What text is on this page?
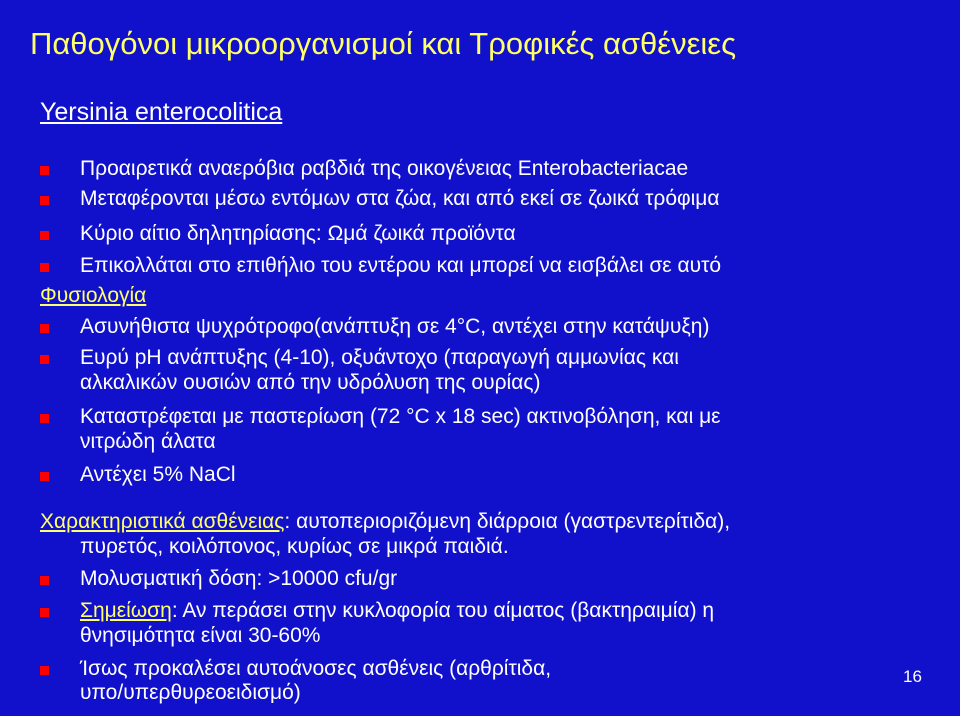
Παθογόνοι μικροοργανισμοί και Τροφικές ασθένειες
Yersinia enterocolitica
Προαιρετικά αναερόβια ραβδιά της οικογένειας Enterobacteriacae
Μεταφέρονται μέσω εντόμων στα ζώα, και από εκεί σε ζωικά τρόφιμα
Κύριο αίτιο δηλητηρίασης: Ωμά ζωικά προϊόντα
Επικολλάται στο επιθήλιο του εντέρου και μπορεί να εισβάλει σε αυτό
Φυσιολογία
Ασυνήθιστα ψυχρότροφο(ανάπτυξη σε 4°C, αντέχει στην κατάψυξη)
Ευρύ pH ανάπτυξης (4-10), οξυάντοχο (παραγωγή αμμωνίας και
αλκαλικών ουσιών από την υδρόλυση της ουρίας)
Καταστρέφεται με παστερίωση (72 °C x 18 sec) ακτινοβόληση, και με
νιτρώδη άλατα
Αντέχει 5% NaCl
Χαρακτηριστικά ασθένειας: αυτοπεριοριζόμενη διάρροια (γαστρεντερίτιδα),
πυρετός, κοιλόπονος, κυρίως σε μικρά παιδιά.
Μολυσματική δόση: >10000 cfu/gr
Σημείωση: Αν περάσει στην κυκλοφορία του αίματος (βακτηραιμία) η
θνησιμότητα είναι 30-60%
Ίσως προκαλέσει αυτοάνοσες ασθένεις (αρθρίτιδα,
υπο/υπερθυρεοειδισμό)
16
